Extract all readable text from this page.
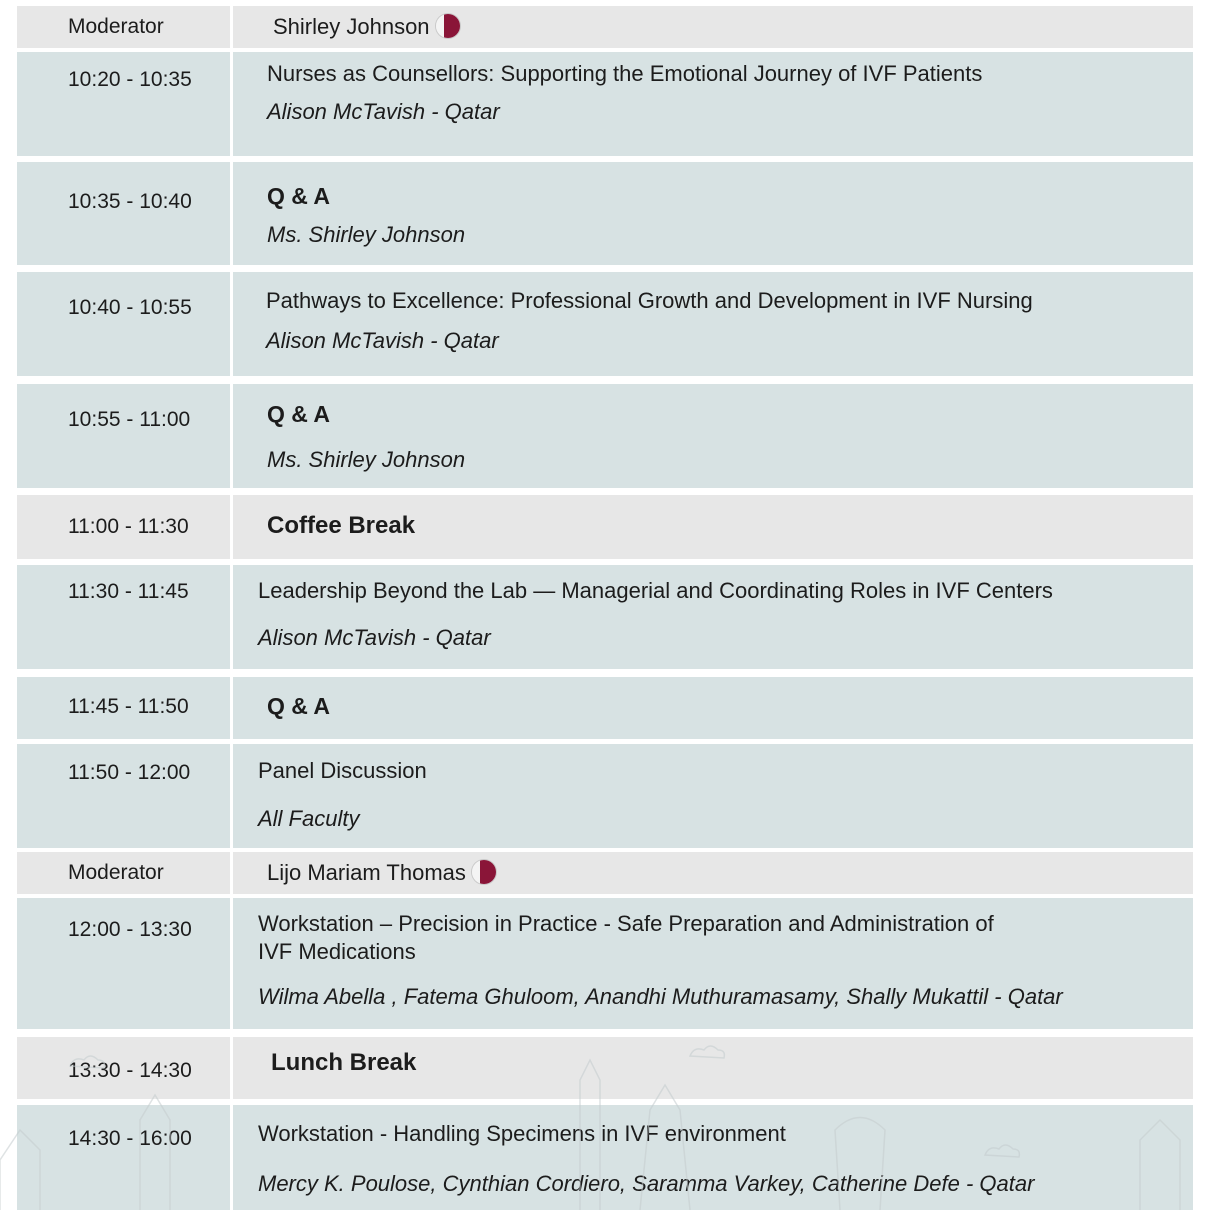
Moderator	Shirley Johnson
10:20 - 10:35	Nurses as Counsellors: Supporting the Emotional Journey of IVF Patients
Alison McTavish - Qatar
10:35 - 10:40	Q & A
Ms. Shirley Johnson
10:40 - 10:55	Pathways to Excellence: Professional Growth and Development in IVF Nursing
Alison McTavish - Qatar
10:55 - 11:00	Q & A
Ms. Shirley Johnson
11:00 - 11:30	Coffee Break
11:30 - 11:45	Leadership Beyond the Lab — Managerial and Coordinating Roles in IVF Centers
Alison McTavish - Qatar
11:45 - 11:50	Q & A
11:50 - 12:00	Panel Discussion
All Faculty
Moderator	Lijo Mariam Thomas
12:00 - 13:30	Workstation – Precision in Practice - Safe Preparation and Administration of
IVF Medications
Wilma Abella , Fatema Ghuloom, Anandhi Muthuramasamy, Shally Mukattil - Qatar
13:30 - 14:30	Lunch Break
14:30 - 16:00	Workstation - Handling Specimens in IVF environment
Mercy K. Poulose, Cynthian Cordiero, Saramma Varkey, Catherine Defe - Qatar
